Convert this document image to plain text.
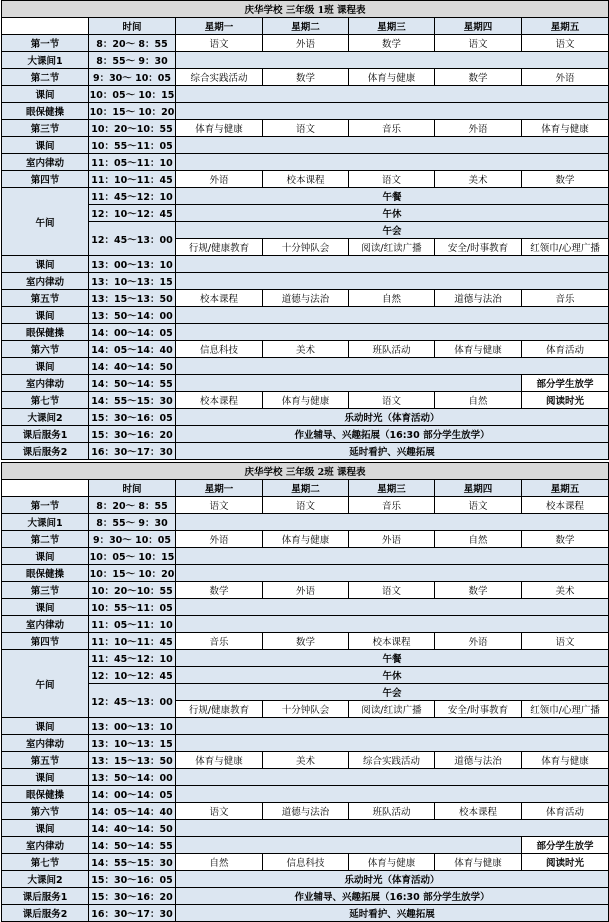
庆华学校 三年级 1班 课程表						
	时间	星期一	星期二	星期三	星期四	星期五
第一节	8：20～ 8：55	语文	外语	数学	语文	语文
大课间1	8：55～ 9：30					
第二节	9：30～ 10：05	综合实践活动	数学	体育与健康	数学	外语
课间	10：05～ 10：15					
眼保健操	10：15～ 10：20					
第三节	10：20～10：55	体育与健康	语文	音乐	外语	体育与健康
课间	10：55～11：05					
室内律动	11：05～11：10					
第四节	11：10～11：45	外语	校本课程	语文	美术	数学
午间	11：45～12：10	午餐				
	12：10～12：45	午休				
	12：45～13：00	午会				
		行规/健康教育	十分钟队会	阅读/红读广播	安全/时事教育	红领巾/心理广播
课间	13：00～13：10					
室内律动	13：10～13：15					
第五节	13：15～13：50	校本课程	道德与法治	自然	道德与法治	音乐
课间	13：50～14：00					
眼保健操	14：00～14：05					
第六节	14：05～14：40	信息科技	美术	班队活动	体育与健康	体育活动
课间	14：40～14：50					
室内律动	14：50～14：55					部分学生放学
第七节	14：55～15：30	校本课程	体育与健康	语文	自然	阅读时光
大课间2	15：30～16：05	乐动时光（体育活动）				
课后服务1	15：30～16：20	作业辅导、兴趣拓展（16:30 部分学生放学）				
课后服务2	16：30～17：30	延时看护、兴趣拓展				
庆华学校 三年级 2班 课程表						
	时间	星期一	星期二	星期三	星期四	星期五
第一节	8：20～ 8：55	语文	语文	音乐	语文	校本课程
大课间1	8：55～ 9：30					
第二节	9：30～ 10：05	外语	体育与健康	外语	自然	数学
课间	10：05～ 10：15					
眼保健操	10：15～ 10：20					
第三节	10：20～10：55	数学	外语	语文	数学	美术
课间	10：55～11：05					
室内律动	11：05～11：10					
第四节	11：10～11：45	音乐	数学	校本课程	外语	语文
午间	11：45～12：10	午餐				
	12：10～12：45	午休				
	12：45～13：00	午会				
		行规/健康教育	十分钟队会	阅读/红读广播	安全/时事教育	红领巾/心理广播
课间	13：00～13：10					
室内律动	13：10～13：15					
第五节	13：15～13：50	体育与健康	美术	综合实践活动	道德与法治	体育与健康
课间	13：50～14：00					
眼保健操	14：00～14：05					
第六节	14：05～14：40	语文	道德与法治	班队活动	校本课程	体育活动
课间	14：40～14：50					
室内律动	14：50～14：55					部分学生放学
第七节	14：55～15：30	自然	信息科技	体育与健康	体育与健康	阅读时光
大课间2	15：30～16：05	乐动时光（体育活动）				
课后服务1	15：30～16：20	作业辅导、兴趣拓展（16:30 部分学生放学）				
课后服务2	16：30～17：30	延时看护、兴趣拓展				
